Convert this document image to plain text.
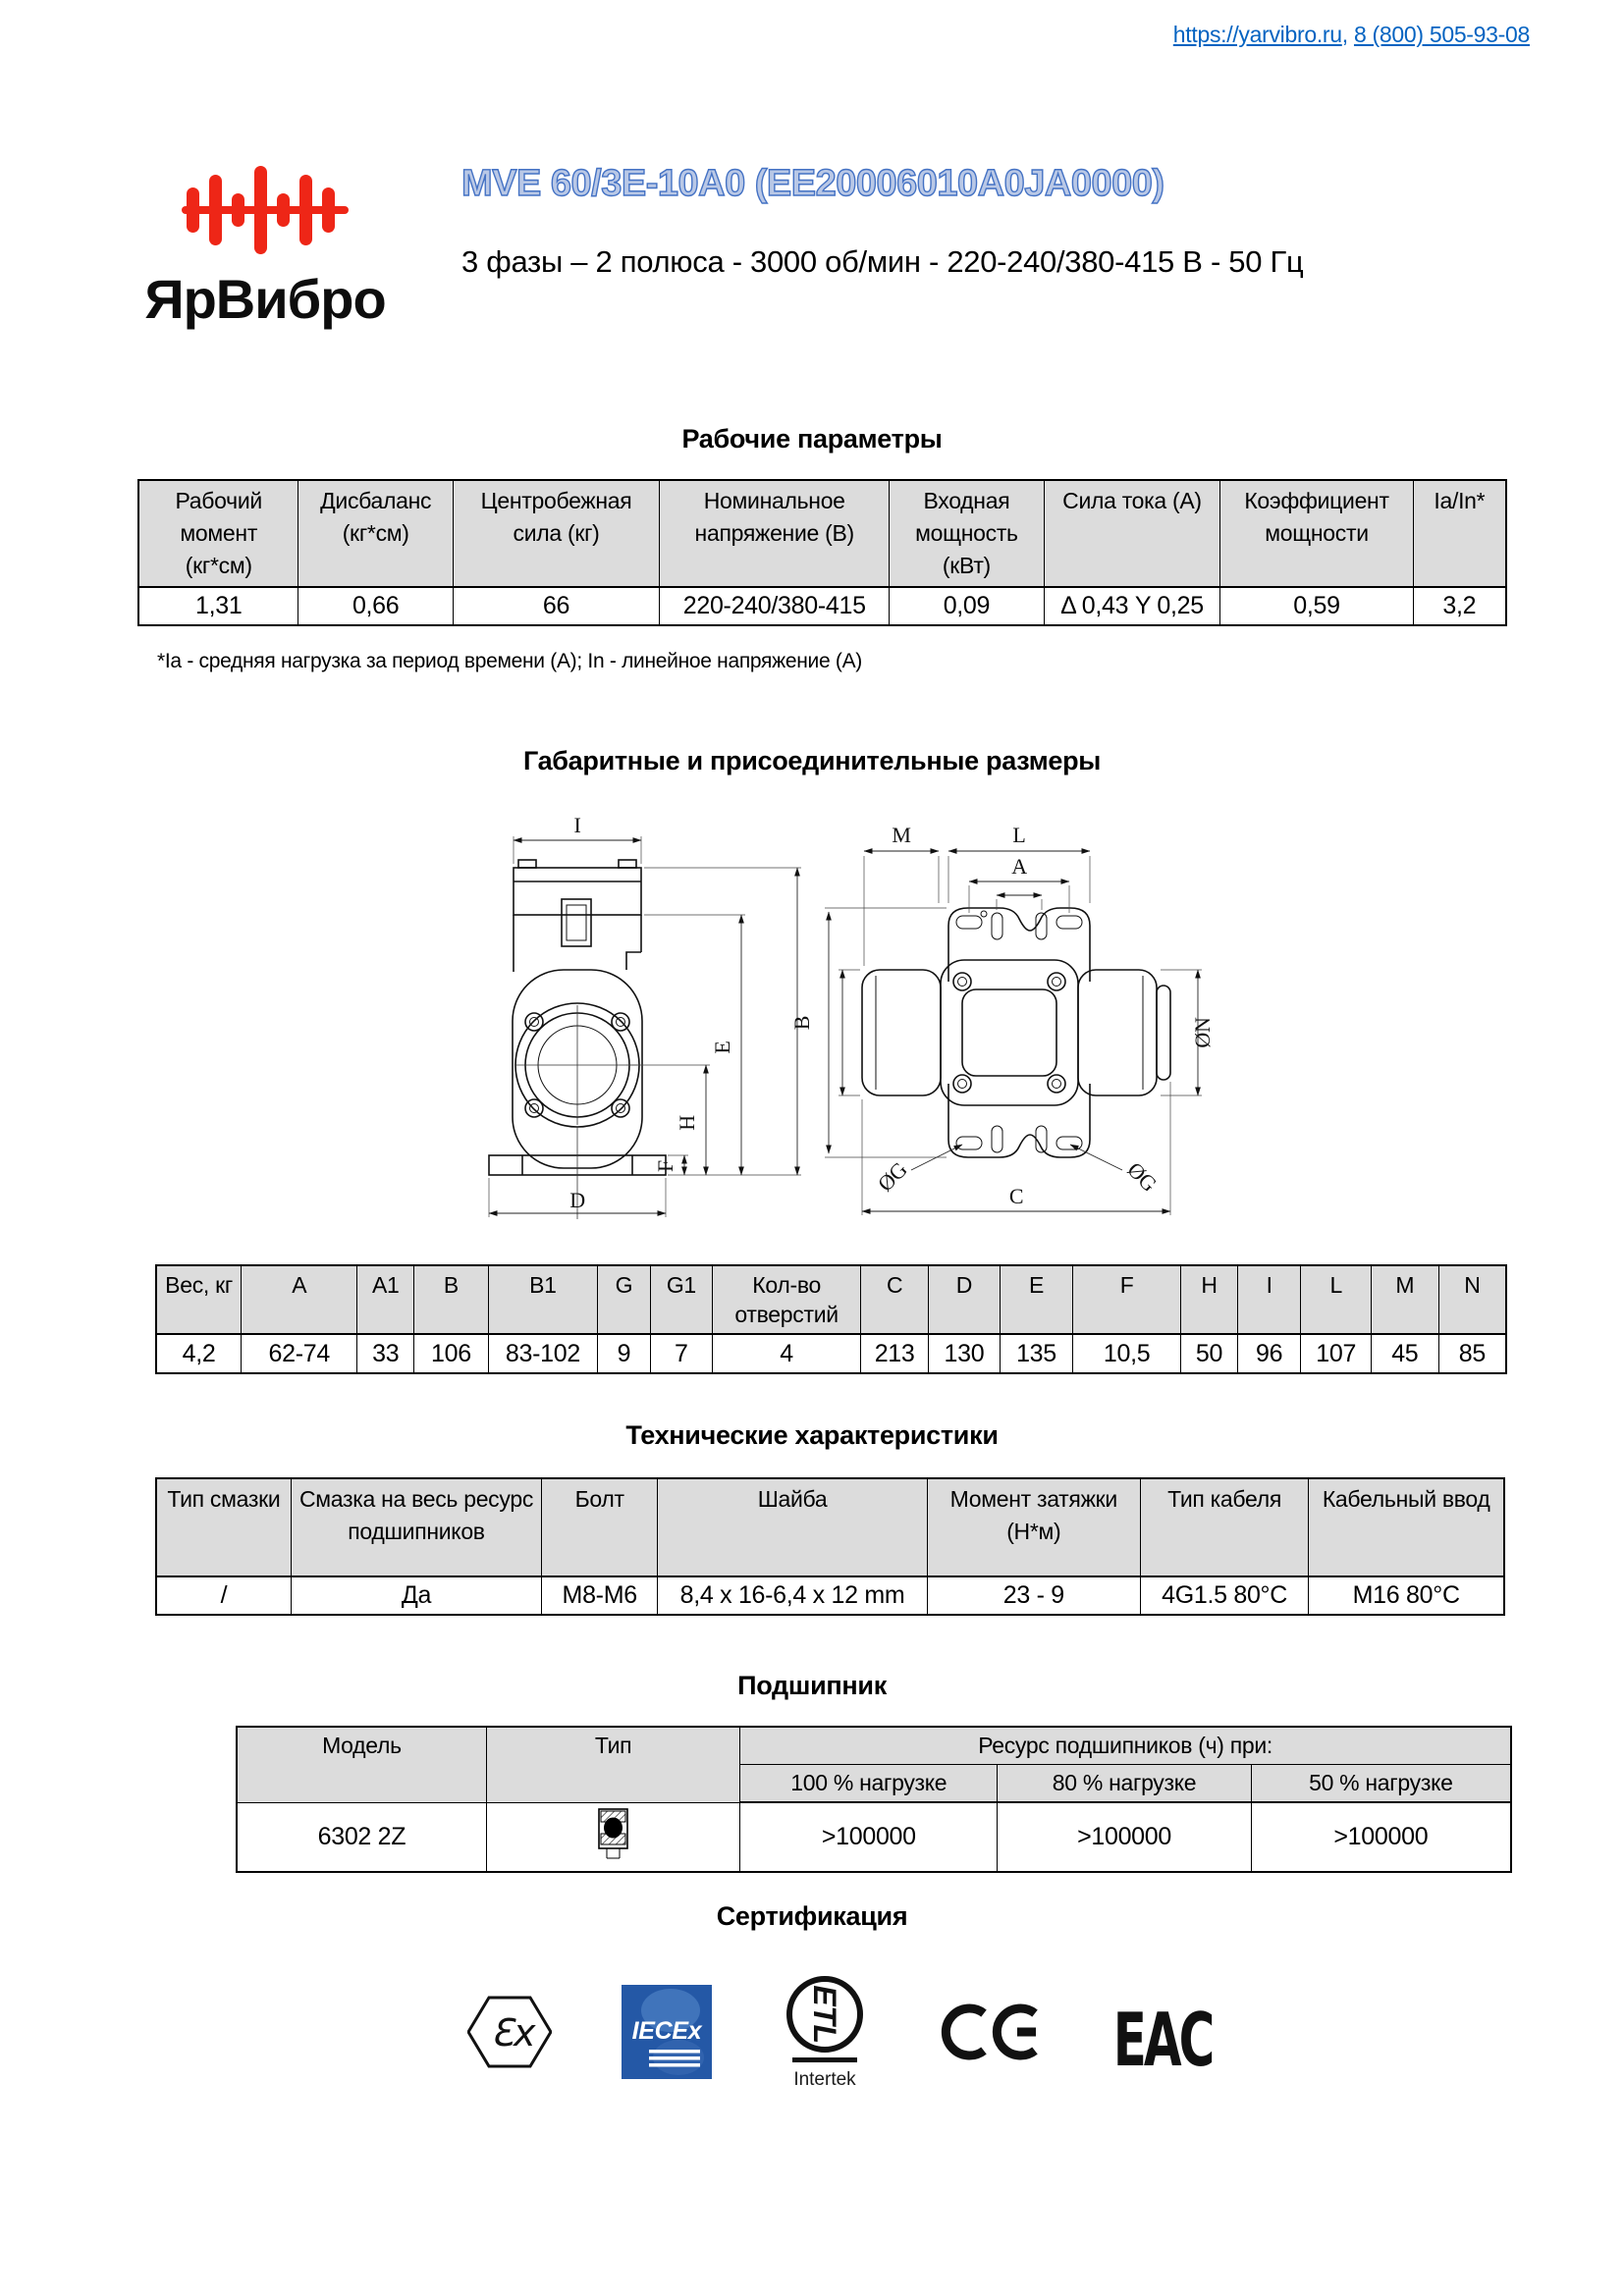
https://yarvibro.ru, 8 (800) 505-93-08
ЯрВибро
MVE 60/3E-10A0 (EE20006010A0JA0000)
3 фазы – 2 полюса - 3000 об/мин - 220-240/380-415 В - 50 Гц
Рабочие параметры
Рабочий момент (кг*см)	Дисбаланс (кг*см)	Центробежная сила (кг)	Номинальное напряжение (В)	Входная мощность (кВт)	Сила тока (А)	Коэффициент мощности	Ia/In*
1,31	0,66	66	220-240/380-415	0,09	Δ 0,43 Y 0,25	0,59	3,2
*Ia - средняя нагрузка за период времени (А); In - линейное напряжение (А)
Габаритные и присоединительные размеры
I
B
E
H
F
D
M	L
A
ØN
ØG	ØG
C
Вес, кг	A	A1	B	B1	G	G1	Кол-во отверстий	C	D	E	F	H	I	L	M	N
4,2	62-74	33	106	83-102	9	7	4	213	130	135	10,5	50	96	107	45	85
Технические характеристики
Тип смазки	Смазка на весь ресурс подшипников	Болт	Шайба	Момент затяжки (Н*м)	Тип кабеля	Кабельный ввод
/	Да	M8-M6	8,4 x 16-6,4 x 12 mm	23 - 9	4G1.5 80°C	M16 80°C
Подшипник
Модель	Тип	Ресурс подшипников (ч) при:		
		100 % нагрузке	80 % нагрузке	50 % нагрузке
6302 2Z		>100000	>100000	>100000
Сертификация
Ɛx	IECEx	ETL
Intertek	EAC
